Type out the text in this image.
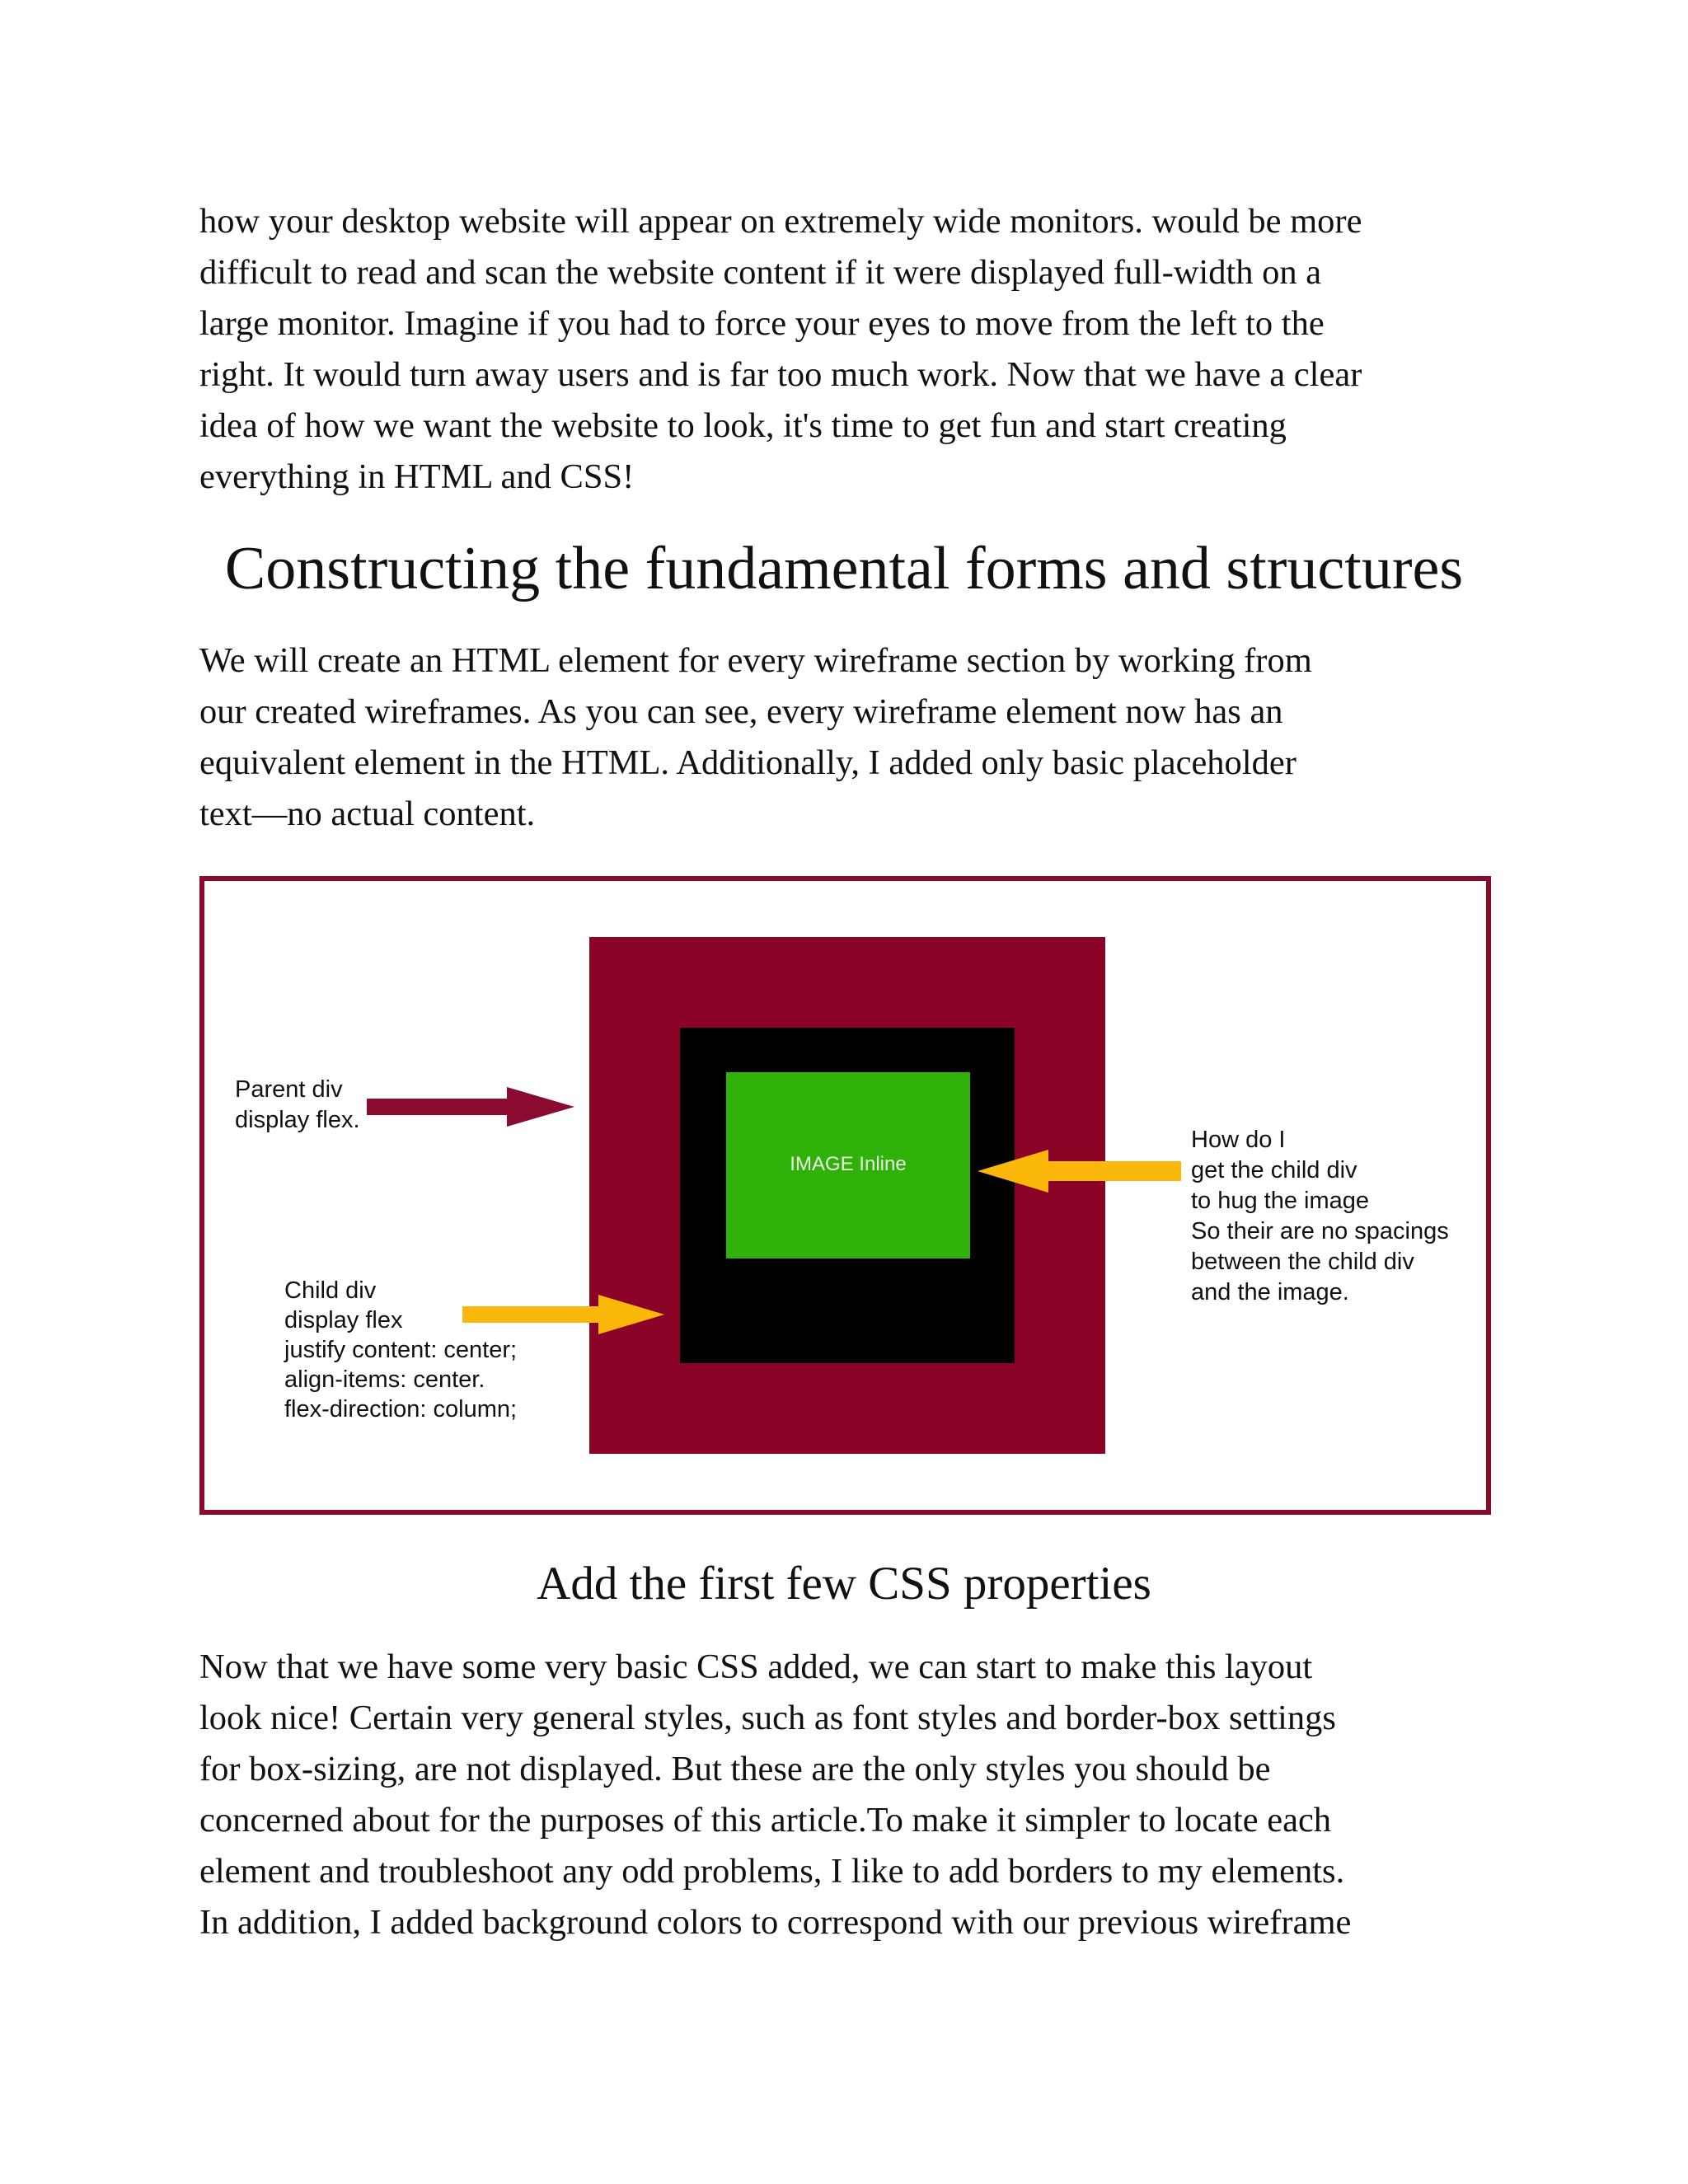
how your desktop website will appear on extremely wide monitors. would be more
difficult to read and scan the website content if it were displayed full-width on a
large monitor. Imagine if you had to force your eyes to move from the left to the
right. It would turn away users and is far too much work. Now that we have a clear
idea of how we want the website to look, it's time to get fun and start creating
everything in HTML and CSS!
Constructing the fundamental forms and structures
We will create an HTML element for every wireframe section by working from
our created wireframes. As you can see, every wireframe element now has an
equivalent element in the HTML. Additionally, I added only basic placeholder
text—no actual content.
IMAGE Inline
Parent div display flex.
Child div display flex justify content: center; align-items: center. flex-direction: column;
How do I get the child div to hug the image So their are no spacings between the child div and the image.
Add the first few CSS properties
Now that we have some very basic CSS added, we can start to make this layout
look nice! Certain very general styles, such as font styles and border-box settings
for box-sizing, are not displayed. But these are the only styles you should be
concerned about for the purposes of this article.To make it simpler to locate each
element and troubleshoot any odd problems, I like to add borders to my elements.
In addition, I added background colors to correspond with our previous wireframe
